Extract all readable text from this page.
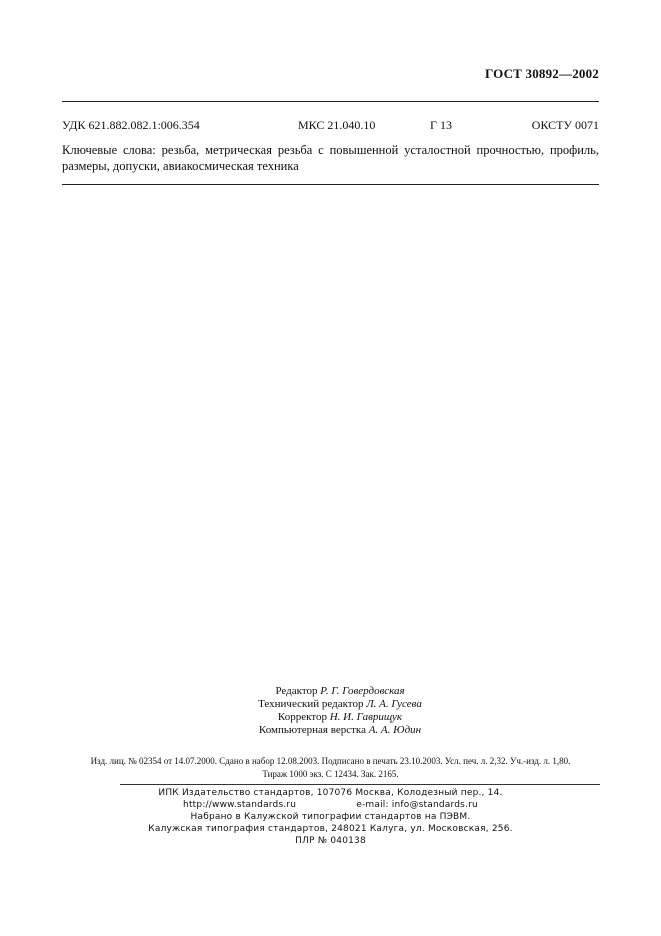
ГОСТ 30892—2002
УДК 621.882.082.1:006.354	МКС 21.040.10	Г 13	ОКСТУ 0071
Ключевые слова: резьба, метрическая резьба с повышенной усталостной прочностью, профиль, размеры, допуски, авиакосмическая техника
Редактор Р. Г. Говердовская
Технический редактор Л. А. Гусева
Корректор Н. И. Гаврищук
Компьютерная верстка А. А. Юдин
Изд. лиц. № 02354 от 14.07.2000. Сдано в набор 12.08.2003. Подписано в печать 23.10.2003. Усл. печ. л. 2,32. Уч.-изд. л. 1,80.
Тираж 1000 экз. С 12434. Зак. 2165.
ИПК Издательство стандартов, 107076 Москва, Колодезный пер., 14.
http://www.standards.ru	e-mail: info@standards.ru
Набрано в Калужской типографии стандартов на ПЭВМ.
Калужская типография стандартов, 248021 Калуга, ул. Московская, 256.
ПЛР № 040138
